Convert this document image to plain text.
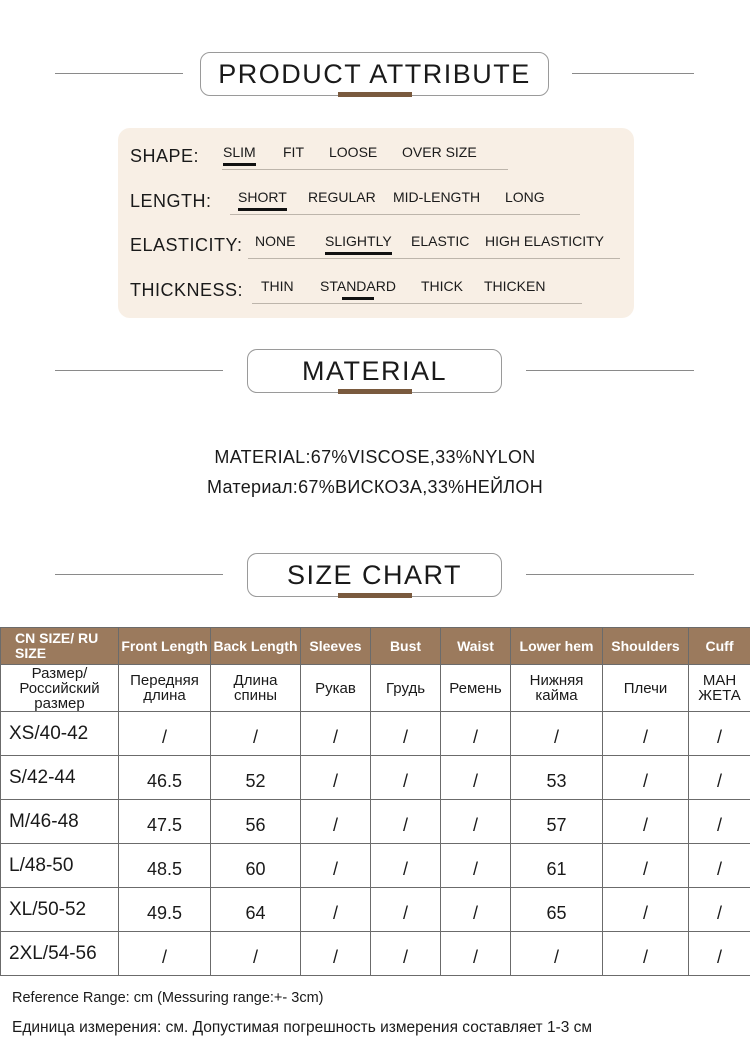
PRODUCT ATTRIBUTE
SHAPE: SLIM FIT LOOSE OVER SIZE
LENGTH: SHORT REGULAR MID-LENGTH LONG
ELASTICITY: NONE SLIGHTLY ELASTIC HIGH ELASTICITY
THICKNESS: THIN STANDARD THICK THICKEN
MATERIAL
MATERIAL:67%VISCOSE,33%NYLON
Материал:67%ВИСКОЗА,33%НЕЙЛОН
SIZE CHART
CN SIZE/ RU SIZE	Front Length	Back Length	Sleeves	Bust	Waist	Lower hem	Shoulders	Cuff
Размер/ Российский размер	Передняя длина	Длина спины	Рукав	Грудь	Ремень	Нижняя кайма	Плечи	МАН ЖЕТА
XS/40-42	/	/	/	/	/	/	/	/
S/42-44	46.5	52	/	/	/	53	/	/
M/46-48	47.5	56	/	/	/	57	/	/
L/48-50	48.5	60	/	/	/	61	/	/
XL/50-52	49.5	64	/	/	/	65	/	/
2XL/54-56	/	/	/	/	/	/	/	/
Reference Range: cm (Messuring range:+- 3cm)
Единица измерения: см. Допустимая погрешность измерения составляет 1-3 см
